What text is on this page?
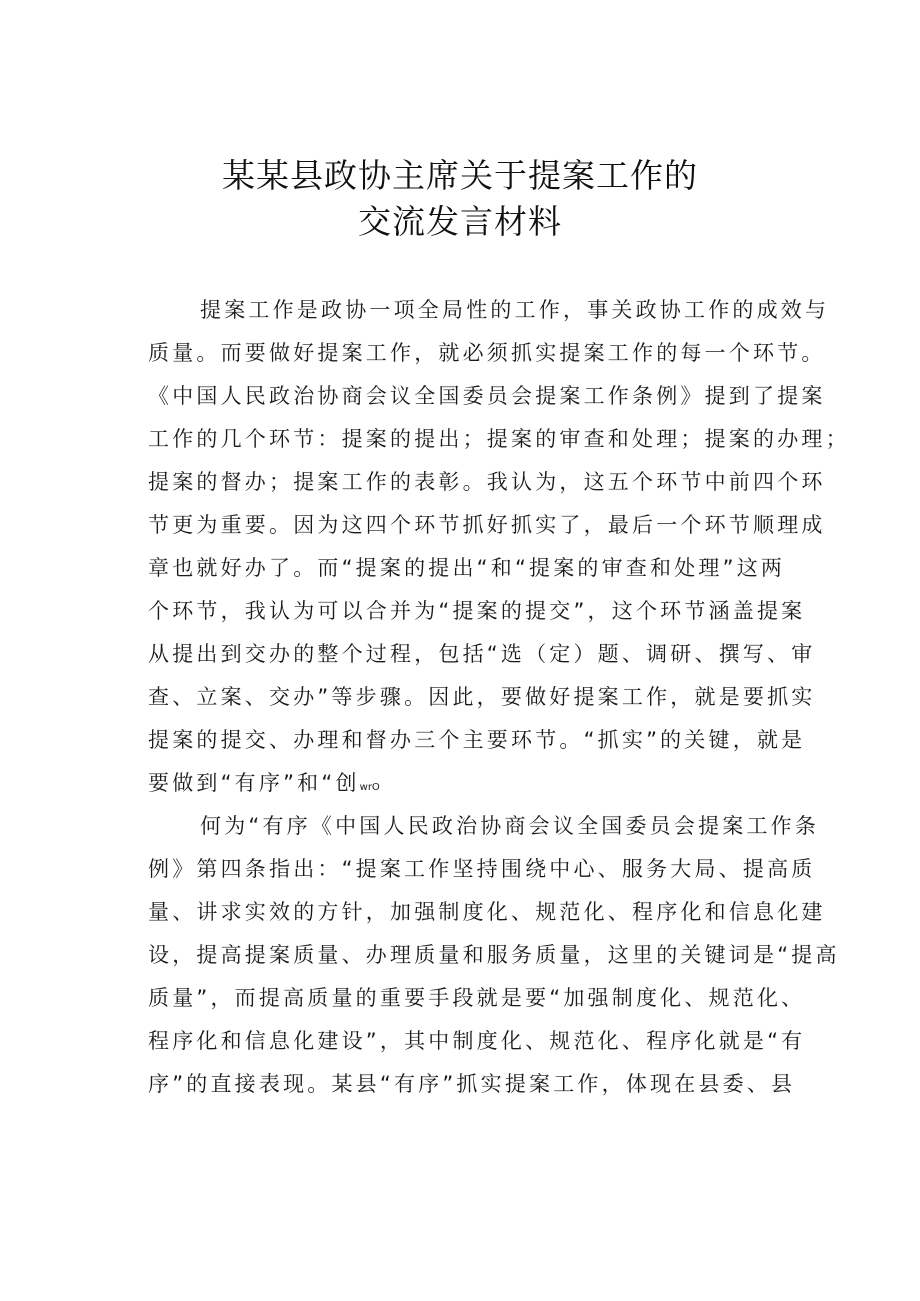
某某县政协主席关于提案工作的
交流发言材料
提案工作是政协一项全局性的工作，事关政协工作的成效与
质量。而要做好提案工作，就必须抓实提案工作的每一个环节。
《中国人民政治协商会议全国委员会提案工作条例》提到了提案
工作的几个环节：提案的提出；提案的审查和处理；提案的办理；
提案的督办；提案工作的表彰。我认为，这五个环节中前四个环
节更为重要。因为这四个环节抓好抓实了，最后一个环节顺理成
章也就好办了。而“提案的提出“和“提案的审查和处理”这两
个环节，我认为可以合并为“提案的提交”，这个环节涵盖提案
从提出到交办的整个过程，包括“选（定）题、调研、撰写、审
查、立案、交办”等步骤。因此，要做好提案工作，就是要抓实
提案的提交、办理和督办三个主要环节。“抓实”的关键，就是
要做到“有序”和“创wrO
何为“有序《中国人民政治协商会议全国委员会提案工作条
例》第四条指出：“提案工作坚持围绕中心、服务大局、提高质
量、讲求实效的方针，加强制度化、规范化、程序化和信息化建
设，提高提案质量、办理质量和服务质量，这里的关键词是“提高
质量”，而提高质量的重要手段就是要“加强制度化、规范化、
程序化和信息化建设”，其中制度化、规范化、程序化就是“有
序”的直接表现。某县“有序”抓实提案工作，体现在县委、县
